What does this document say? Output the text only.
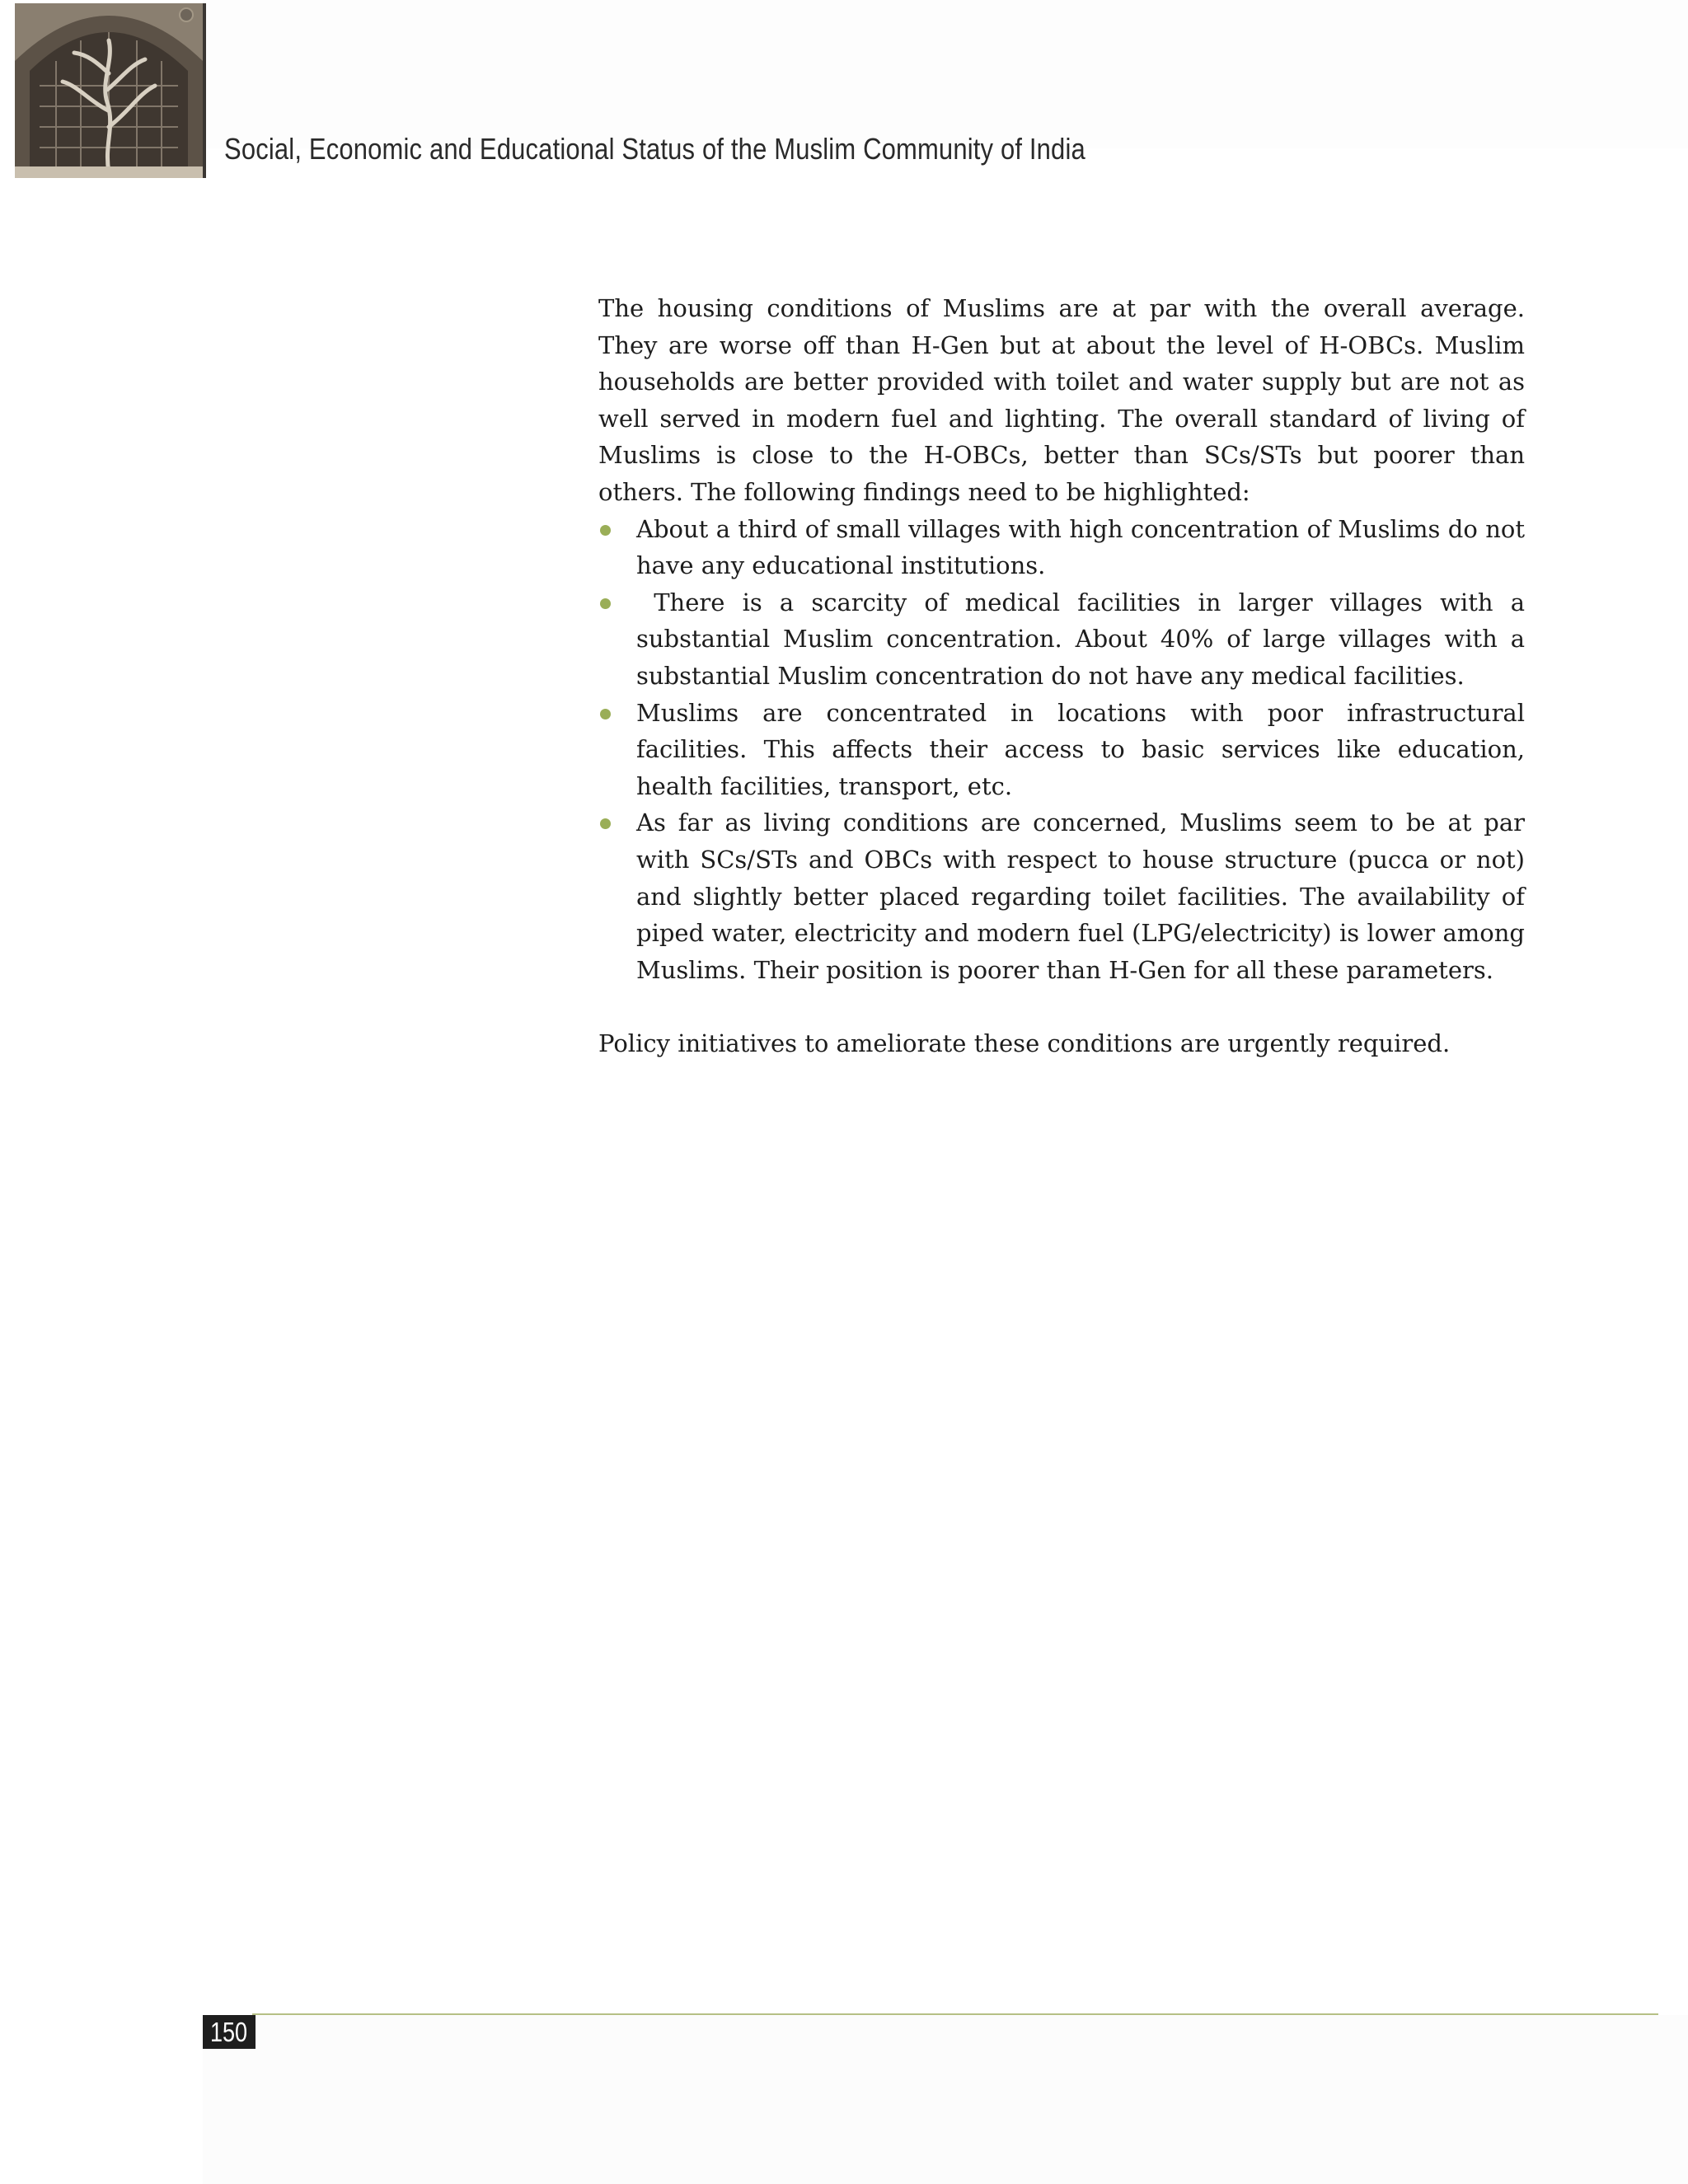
Social, Economic and Educational Status of the Muslim Community of India

The housing conditions of Muslims are at par with the overall average. They are worse off than H-Gen but at about the level of H-OBCs. Muslim households are better provided with toilet and water supply but are not as well served in modern fuel and lighting. The overall standard of living of Muslims is close to the H-OBCs, better than SCs/STs but poorer than others. The following findings need to be highlighted:

About a third of small villages with high concentration of Muslims do not have any educational institutions.
There is a scarcity of medical facilities in larger villages with a substantial Muslim concentration. About 40% of large villages with a substantial Muslim concentration do not have any medical facilities.
Muslims are concentrated in locations with poor infrastructural facilities. This affects their access to basic services like education, health facilities, transport, etc.
As far as living conditions are concerned, Muslims seem to be at par with SCs/STs and OBCs with respect to house structure (pucca or not) and slightly better placed regarding toilet facilities. The availability of piped water, electricity and modern fuel (LPG/electricity) is lower among Muslims. Their position is poorer than H-Gen for all these parameters.

Policy initiatives to ameliorate these conditions are urgently required.

150
